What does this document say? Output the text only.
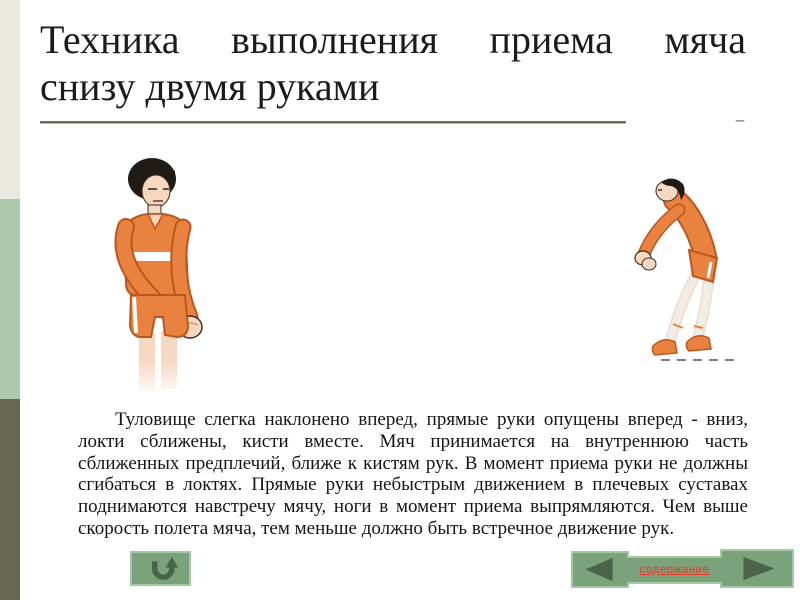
Техника выполнения приема мяча
снизу двумя руками
–

Туловище слегка наклонено вперед, прямые руки опущены вперед - вниз, локти сближены, кисти вместе. Мяч принимается на внутреннюю часть сближенных предплечий, ближе к кистям рук. В момент приема руки не должны сгибаться в локтях. Прямые руки небыстрым движением в плечевых суставах поднимаются навстречу мячу, ноги в момент приема выпрямляются. Чем выше скорость полета мяча, тем меньше должно быть встречное движение рук.

содержание
